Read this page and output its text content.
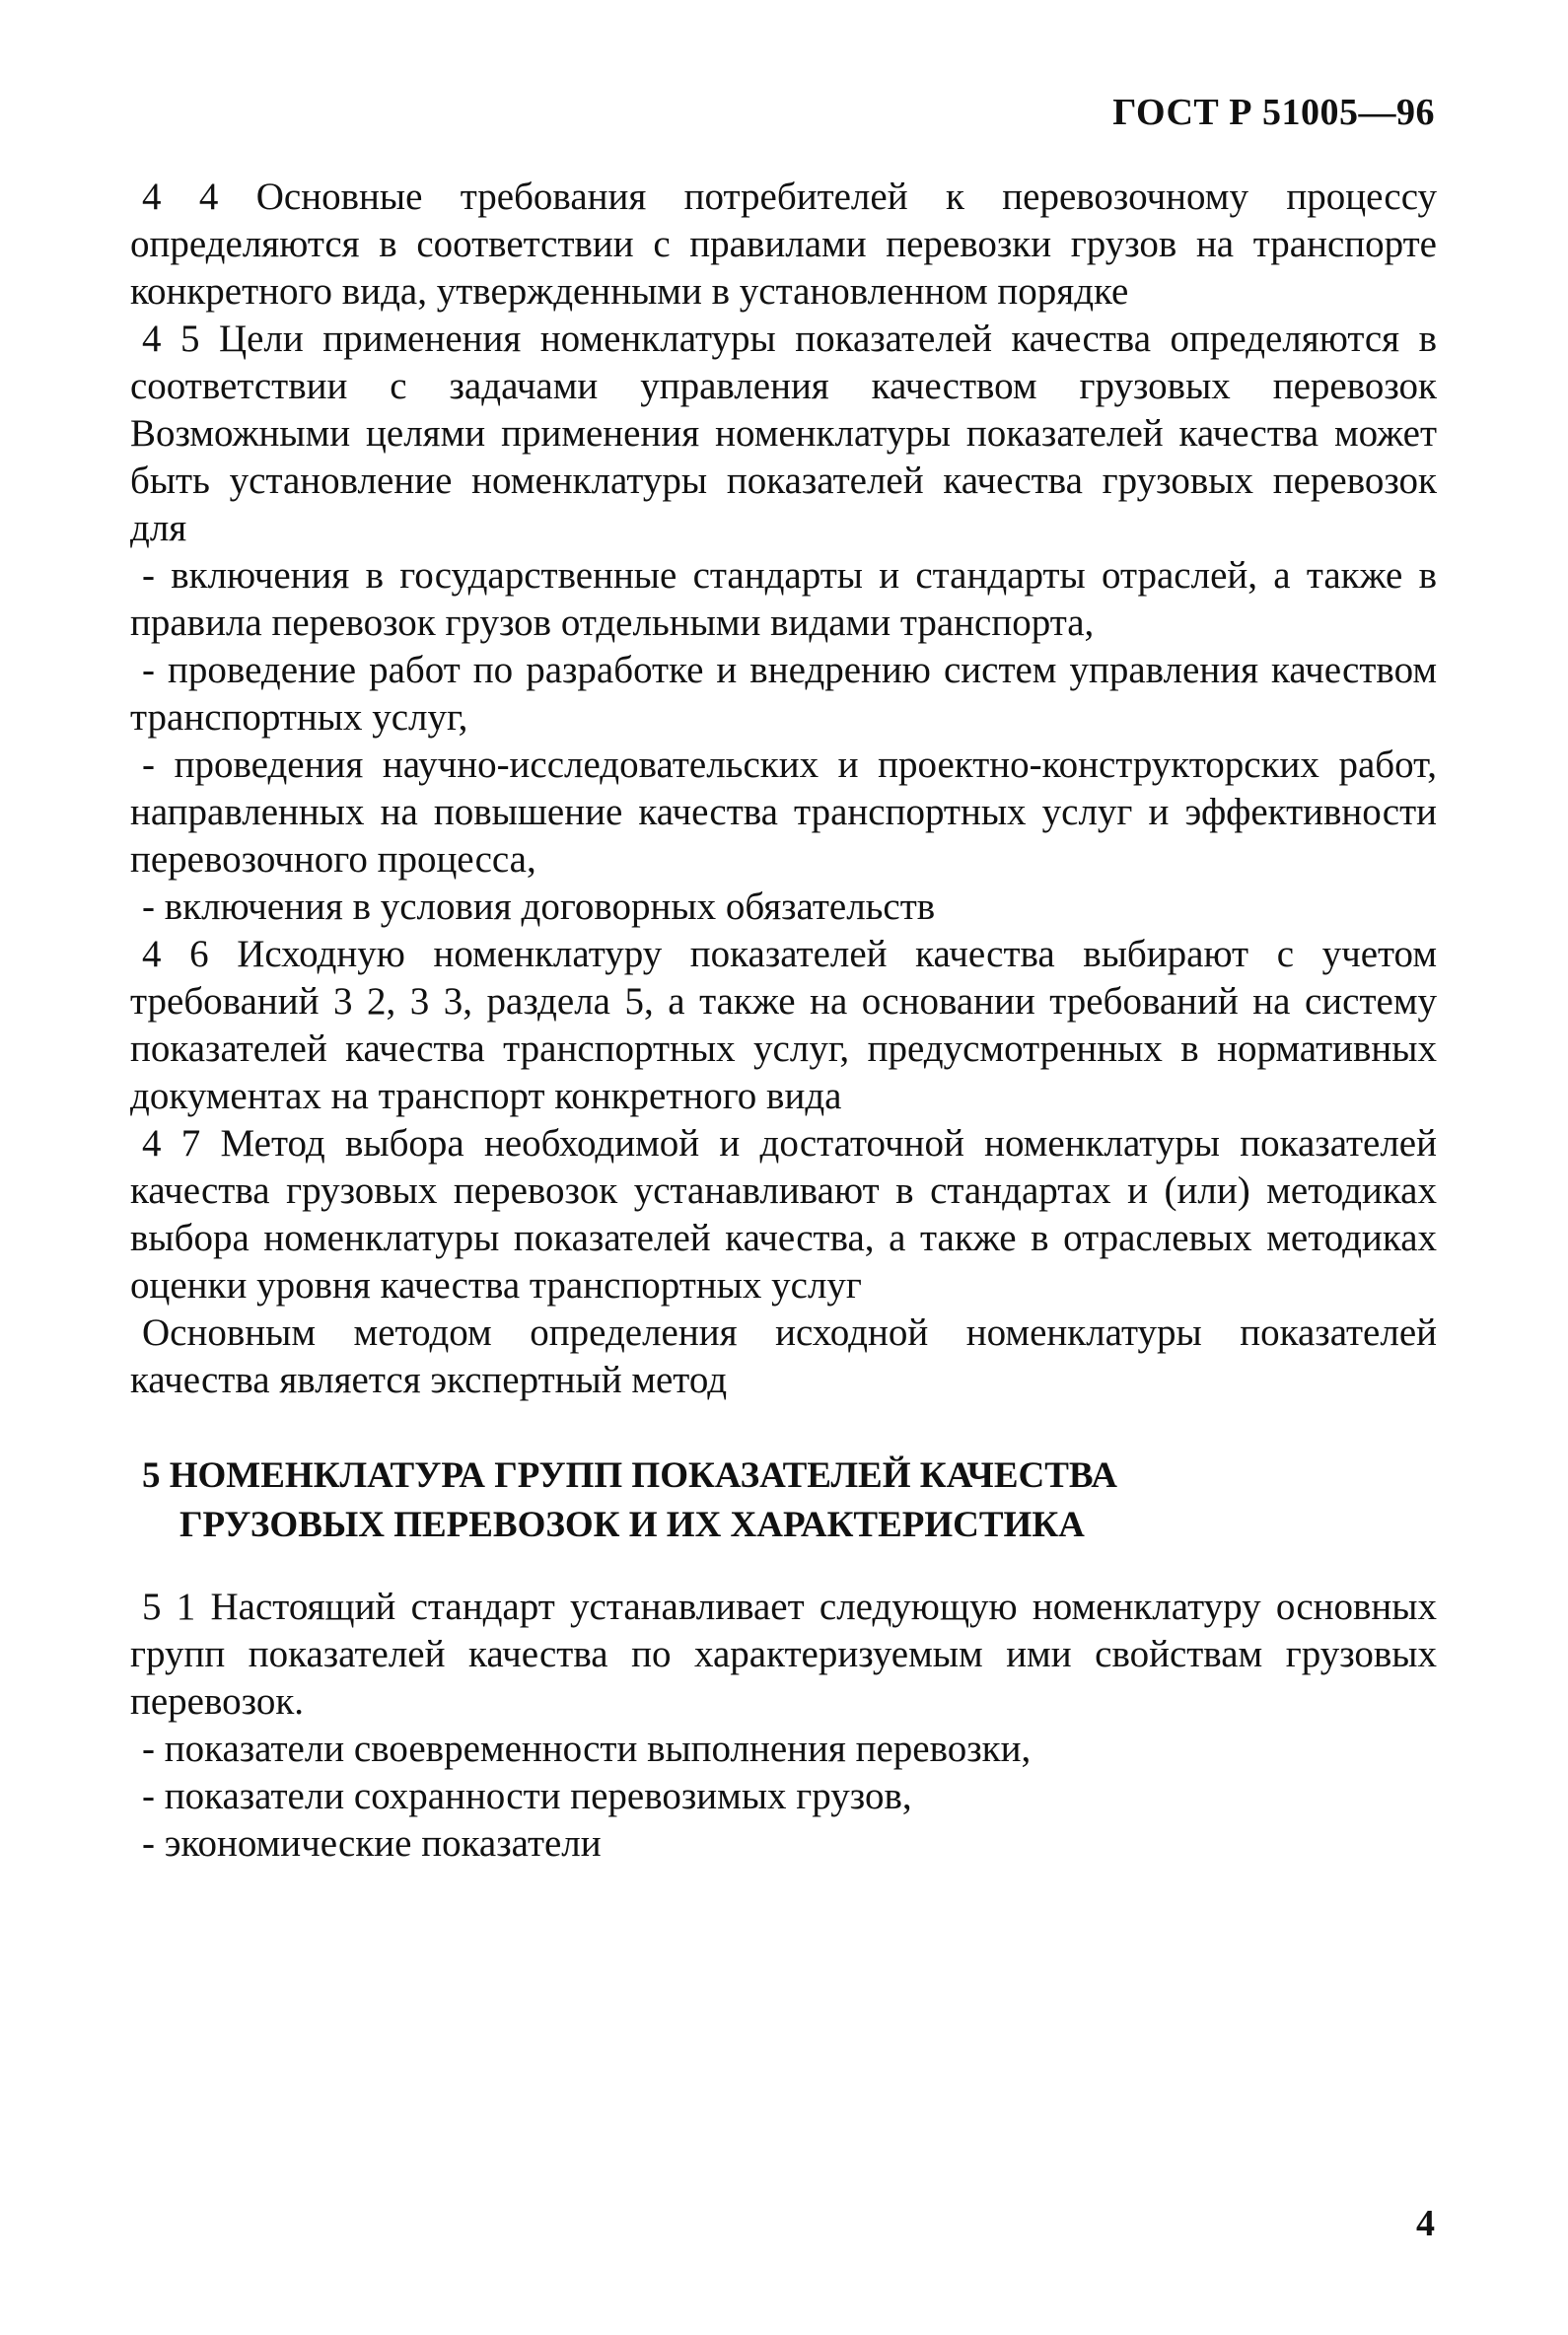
ГОСТ Р 51005—96

4 4 Основные требования потребителей к перевозочному процессу определяются в соответствии с правилами перевозки грузов на транспорте конкретного вида, утвержденными в установленном порядке

4 5 Цели применения номенклатуры показателей качества определяются в соответствии с задачами управления качеством грузовых перевозок Возможными целями применения номенклатуры показателей качества может быть установление номенклатуры показателей качества грузовых перевозок для

- включения в государственные стандарты и стандарты отраслей, а также в правила перевозок грузов отдельными видами транспорта,

- проведение работ по разработке и внедрению систем управления качеством транспортных услуг,

- проведения научно-исследовательских и проектно-конструкторских работ, направленных на повышение качества транспортных услуг и эффективности перевозочного процесса,

- включения в условия договорных обязательств

4 6 Исходную номенклатуру показателей качества выбирают с учетом требований 3 2, 3 3, раздела 5, а также на основании требований на систему показателей качества транспортных услуг, предусмотренных в нормативных документах на транспорт конкретного вида

4 7 Метод выбора необходимой и достаточной номенклатуры показателей качества грузовых перевозок устанавливают в стандартах и (или) методиках выбора номенклатуры показателей качества, а также в отраслевых методиках оценки уровня качества транспортных услуг

Основным методом определения исходной номенклатуры показателей качества является экспертный метод

5 НОМЕНКЛАТУРА ГРУПП ПОКАЗАТЕЛЕЙ КАЧЕСТВА
ГРУЗОВЫХ ПЕРЕВОЗОК И ИХ ХАРАКТЕРИСТИКА

5 1 Настоящий стандарт устанавливает следующую номенклатуру основных групп показателей качества по характеризуемым ими свойствам грузовых перевозок.

- показатели своевременности выполнения перевозки,

- показатели сохранности перевозимых грузов,

- экономические показатели

4
